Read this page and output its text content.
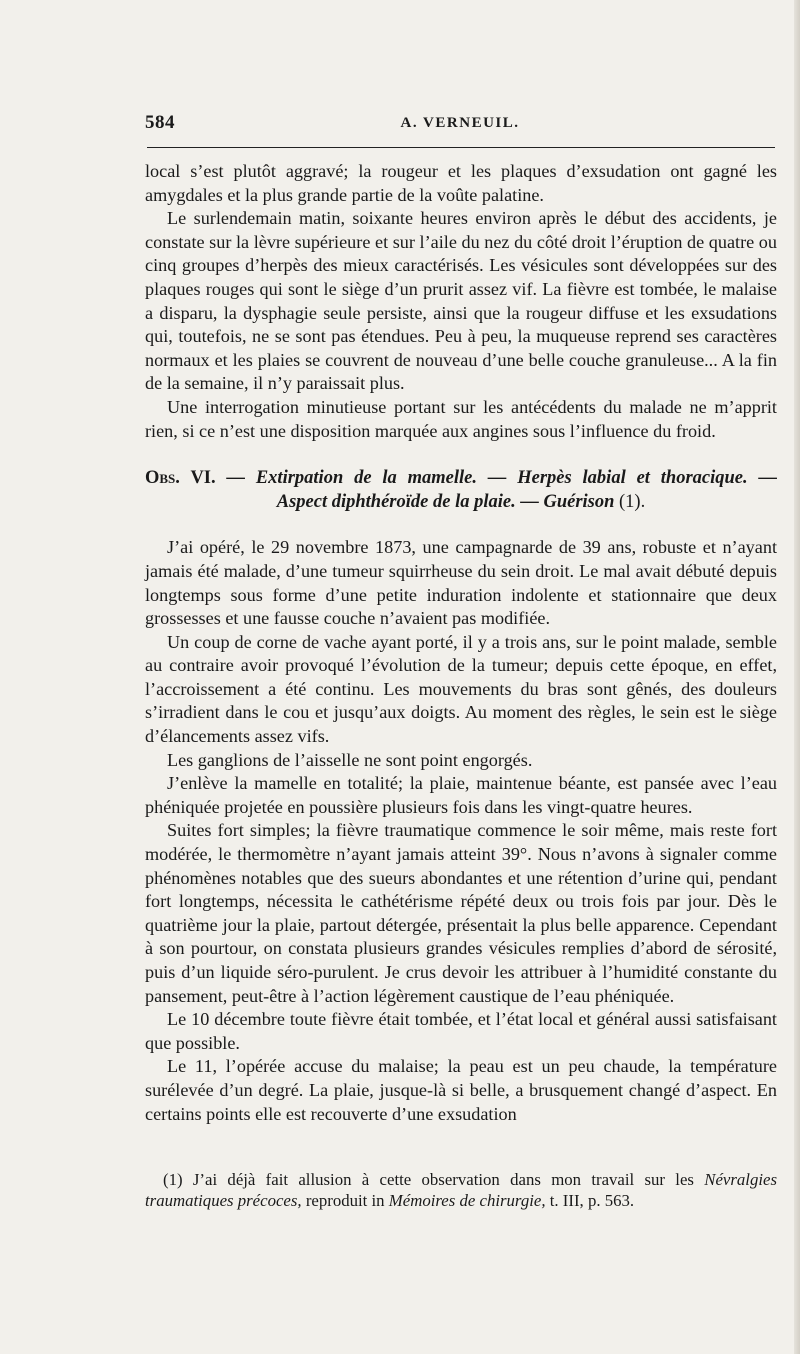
584	A. VERNEUIL.

local s’est plutôt aggravé; la rougeur et les plaques d’exsudation ont gagné les amygdales et la plus grande partie de la voûte palatine.

Le surlendemain matin, soixante heures environ après le début des accidents, je constate sur la lèvre supérieure et sur l’aile du nez du côté droit l’éruption de quatre ou cinq groupes d’herpès des mieux caractérisés. Les vésicules sont développées sur des plaques rouges qui sont le siège d’un prurit assez vif. La fièvre est tombée, le malaise a disparu, la dysphagie seule persiste, ainsi que la rougeur diffuse et les exsudations qui, toutefois, ne se sont pas étendues. Peu à peu, la muqueuse reprend ses caractères normaux et les plaies se couvrent de nouveau d’une belle couche granuleuse... A la fin de la semaine, il n’y paraissait plus.

Une interrogation minutieuse portant sur les antécédents du malade ne m’apprit rien, si ce n’est une disposition marquée aux angines sous l’influence du froid.

Obs. VI. — Extirpation de la mamelle. — Herpès labial et thoracique. —
Aspect diphthéroïde de la plaie. — Guérison (1).

J’ai opéré, le 29 novembre 1873, une campagnarde de 39 ans, robuste et n’ayant jamais été malade, d’une tumeur squirrheuse du sein droit. Le mal avait débuté depuis longtemps sous forme d’une petite induration indolente et stationnaire que deux grossesses et une fausse couche n’avaient pas modifiée.

Un coup de corne de vache ayant porté, il y a trois ans, sur le point malade, semble au contraire avoir provoqué l’évolution de la tumeur; depuis cette époque, en effet, l’accroissement a été continu. Les mouvements du bras sont gênés, des douleurs s’irradient dans le cou et jusqu’aux doigts. Au moment des règles, le sein est le siège d’élancements assez vifs.

Les ganglions de l’aisselle ne sont point engorgés.

J’enlève la mamelle en totalité; la plaie, maintenue béante, est pansée avec l’eau phéniquée projetée en poussière plusieurs fois dans les vingt-quatre heures.

Suites fort simples; la fièvre traumatique commence le soir même, mais reste fort modérée, le thermomètre n’ayant jamais atteint 39°. Nous n’avons à signaler comme phénomènes notables que des sueurs abondantes et une rétention d’urine qui, pendant fort longtemps, nécessita le cathétérisme répété deux ou trois fois par jour. Dès le quatrième jour la plaie, partout détergée, présentait la plus belle apparence. Cependant à son pourtour, on constata plusieurs grandes vésicules remplies d’abord de sérosité, puis d’un liquide séro-purulent. Je crus devoir les attribuer à l’humidité constante du pansement, peut-être à l’action légèrement caustique de l’eau phéniquée.

Le 10 décembre toute fièvre était tombée, et l’état local et général aussi satisfaisant que possible.

Le 11, l’opérée accuse du malaise; la peau est un peu chaude, la température surélevée d’un degré. La plaie, jusque-là si belle, a brusquement changé d’aspect. En certains points elle est recouverte d’une exsudation

(1) J’ai déjà fait allusion à cette observation dans mon travail sur les Névralgies traumatiques précoces, reproduit in Mémoires de chirurgie, t. III, p. 563.
